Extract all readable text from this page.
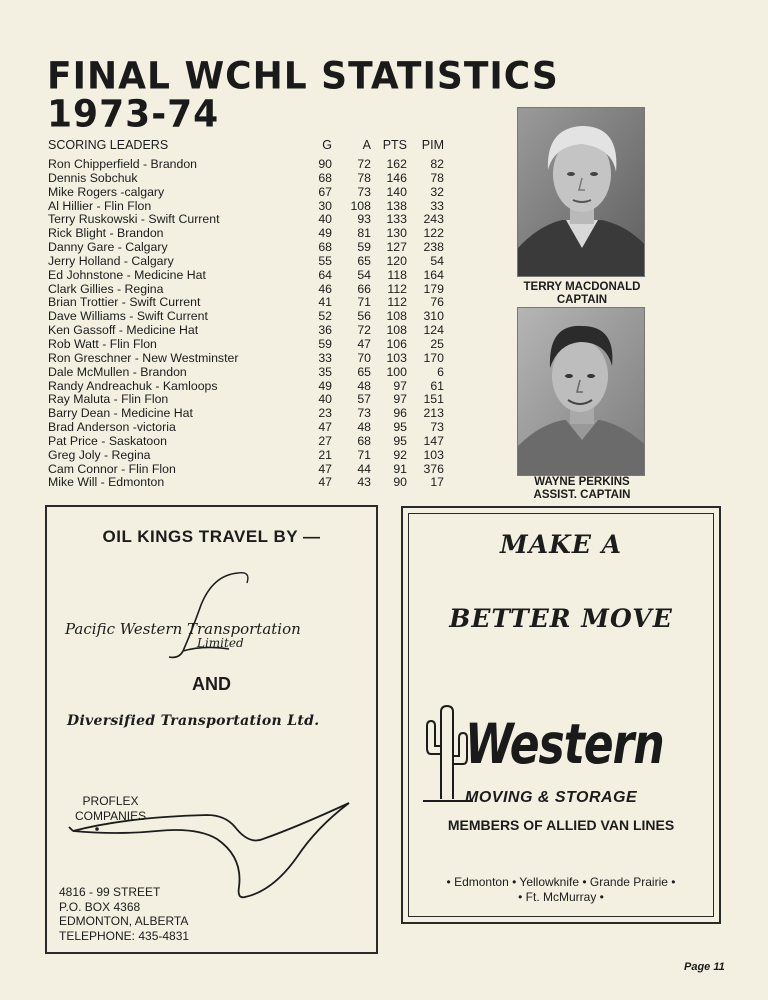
FINAL WCHL STATISTICS
1973-74
SCORING LEADERS	G	A PTS	PIM
Ron Chipperfield - Brandon	90	72	162	82
Dennis Sobchuk	68	78	146	78
Mike Rogers -calgary	67	73	140	32
Al Hillier - Flin Flon	30	108	138	33
Terry Ruskowski - Swift Current	40	93	133	243
Rick Blight - Brandon	49	81	130	122
Danny Gare - Calgary	68	59	127	238
Jerry Holland - Calgary	55	65	120	54
Ed Johnstone - Medicine Hat	64	54	118	164
Clark Gillies - Regina	46	66	112	179
Brian Trottier - Swift Current	41	71	112	76
Dave Williams - Swift Current	52	56	108	310
Ken Gassoff - Medicine Hat	36	72	108	124
Rob Watt - Flin Flon	59	47	106	25
Ron Greschner - New Westminster	33	70	103	170
Dale McMullen - Brandon	35	65	100	6
Randy Andreachuk - Kamloops	49	48	97	61
Ray Maluta - Flin Flon	40	57	97	151
Barry Dean - Medicine Hat	23	73	96	213
Brad Anderson -victoria	47	48	95	73
Pat Price - Saskatoon	27	68	95	147
Greg Joly - Regina	21	71	92	103
Cam Connor - Flin Flon	47	44	91	376
Mike Will - Edmonton	47	43	90	17
TERRY MACDONALD
CAPTAIN
WAYNE PERKINS
ASSIST. CAPTAIN
OIL KINGS TRAVEL BY —
Pacific Western Transportation
Limited
AND
Diversified Transportation Ltd.
PROFLEX
COMPANIES
4816 - 99 STREET
P.O. BOX 4368
EDMONTON, ALBERTA
TELEPHONE: 435-4831
MAKE A
BETTER MOVE
Western
MOVING & STORAGE
MEMBERS OF ALLIED VAN LINES
• Edmonton • Yellowknife • Grande Prairie •
• Ft. McMurray •
Page 11
